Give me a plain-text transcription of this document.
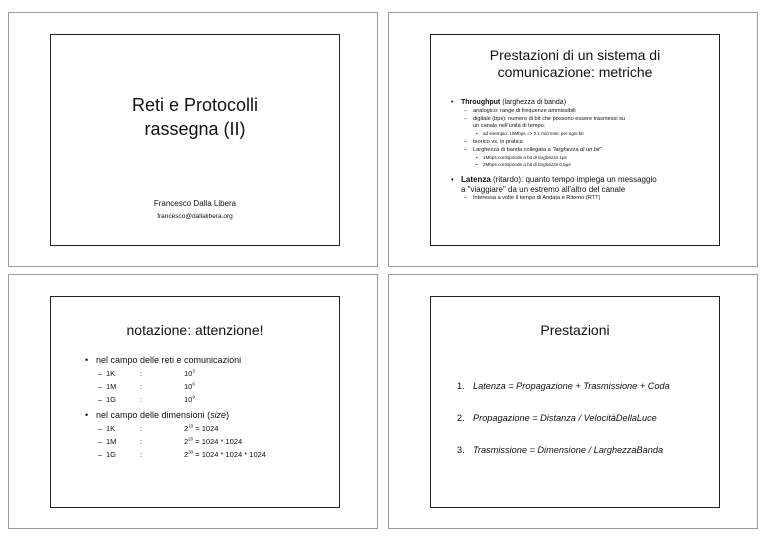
Reti e Protocolli
rassegna (II)
Francesco Dalla Libera
francesco@dallalibera.org
Prestazioni di un sistema di
comunicazione: metriche
• Throughput (larghezza di banda)
– analogico: range di frequenze ammissibili
– digitale (bps): numero di bit che possono essere trasmessi su
un canale nell'unità di tempo.
• ad esempio: 10Mbps => 0.1 microsec per ogni bit
– teorico vs. in pratica
– Larghezza di banda collegata a "larghezza di un bit"
• 1Mbps corrisponde a bit di larghezza 1µs
• 2Mbps corrisponde a bit di larghezza 0.5µs
• Latenza (ritardo): quanto tempo impiega un messaggio
a "viaggiare" da un estremo all'altro del canale
– Interessa a volte il tempo di Andata e Ritorno (RTT)
notazione: attenzione!
• nel campo delle reti e comunicazioni
– 1K	:	$10^3$
– 1M	:	$10^6$
– 1G	:	$10^9$
• nel campo delle dimensioni (size)
– 1K	:	$2^{10} = 1024$
– 1M	:	$2^{20} = 1024 * 1024$
– 1G	:	$2^{30} = 1024 * 1024 * 1024$
Prestazioni
1. Latenza = Propagazione + Trasmissione + Coda
2. Propagazione = Distanza / VelocitàDellaLuce
3. Trasmissione = Dimensione / LarghezzaBanda
